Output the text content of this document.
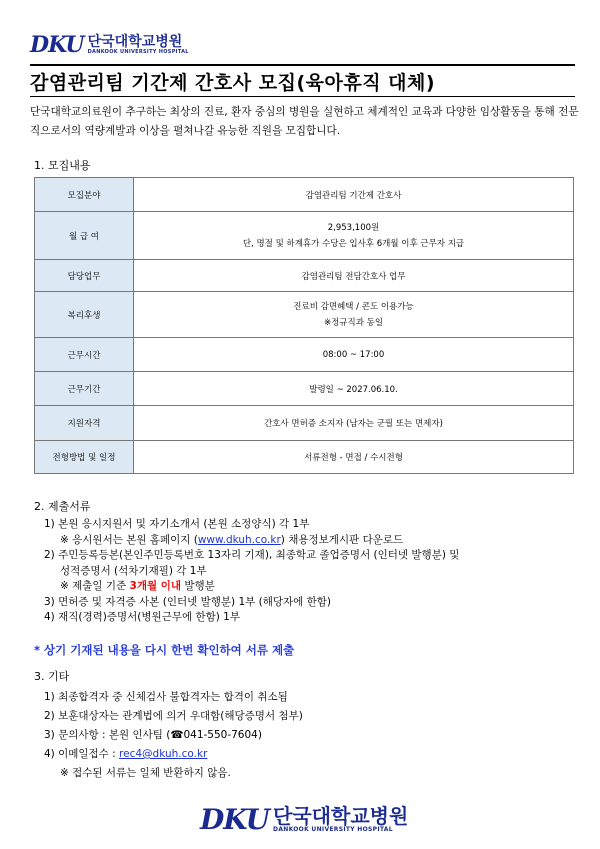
DKU 단국대학교병원
DANKOOK UNIVERSITY HOSPITAL
감염관리팀 기간제 간호사 모집(육아휴직 대체)
단국대학교의료원이 추구하는 최상의 진료, 환자 중심의 병원을 실현하고 체계적인 교육과 다양한 임상활동을 통해 전문직으로서의 역량계발과 이상을 펼쳐나갈 유능한 직원을 모집합니다.
1. 모집내용
모집분야	감염관리팀 기간제 간호사

월 급 여	2,953,100원
단, 명절 및 하계휴가 수당은 입사후 6개월 이후 근무자 지급

담당업무	감염관리팀 전담간호사 업무

복리후생	진료비 감면혜택 / 콘도 이용가능
※정규직과 동일

근무시간	08:00 ~ 17:00

근무기간	발령일 ~ 2027.06.10.

지원자격	간호사 면허증 소지자 (남자는 군필 또는 면제자)

전형방법 및 일정	서류전형 - 면접 / 수시전형
2. 제출서류
1) 본원 응시지원서 및 자기소개서 (본원 소정양식) 각 1부
※ 응시원서는 본원 홈페이지 (www.dkuh.co.kr) 채용정보게시판 다운로드
2) 주민등록등본(본인주민등록번호 13자리 기재), 최종학교 졸업증명서 (인터넷 발행분) 및
성적증명서 (석차기재필) 각 1부
※ 제출일 기준 3개월 이내 발행분
3) 면허증 및 자격증 사본 (인터넷 발행분) 1부 (해당자에 한함)
4) 재직(경력)증명서(병원근무에 한함) 1부
* 상기 기재된 내용을 다시 한번 확인하여 서류 제출
3. 기타
1) 최종합격자 중 신체검사 불합격자는 합격이 취소됨
2) 보훈대상자는 관계법에 의거 우대함(해당증명서 첨부)
3) 문의사항 : 본원 인사팀 (☎041-550-7604)
4) 이메일접수 : rec4@dkuh.co.kr
※ 접수된 서류는 일체 반환하지 않음.
DKU 단국대학교병원
DANKOOK UNIVERSITY HOSPITAL
